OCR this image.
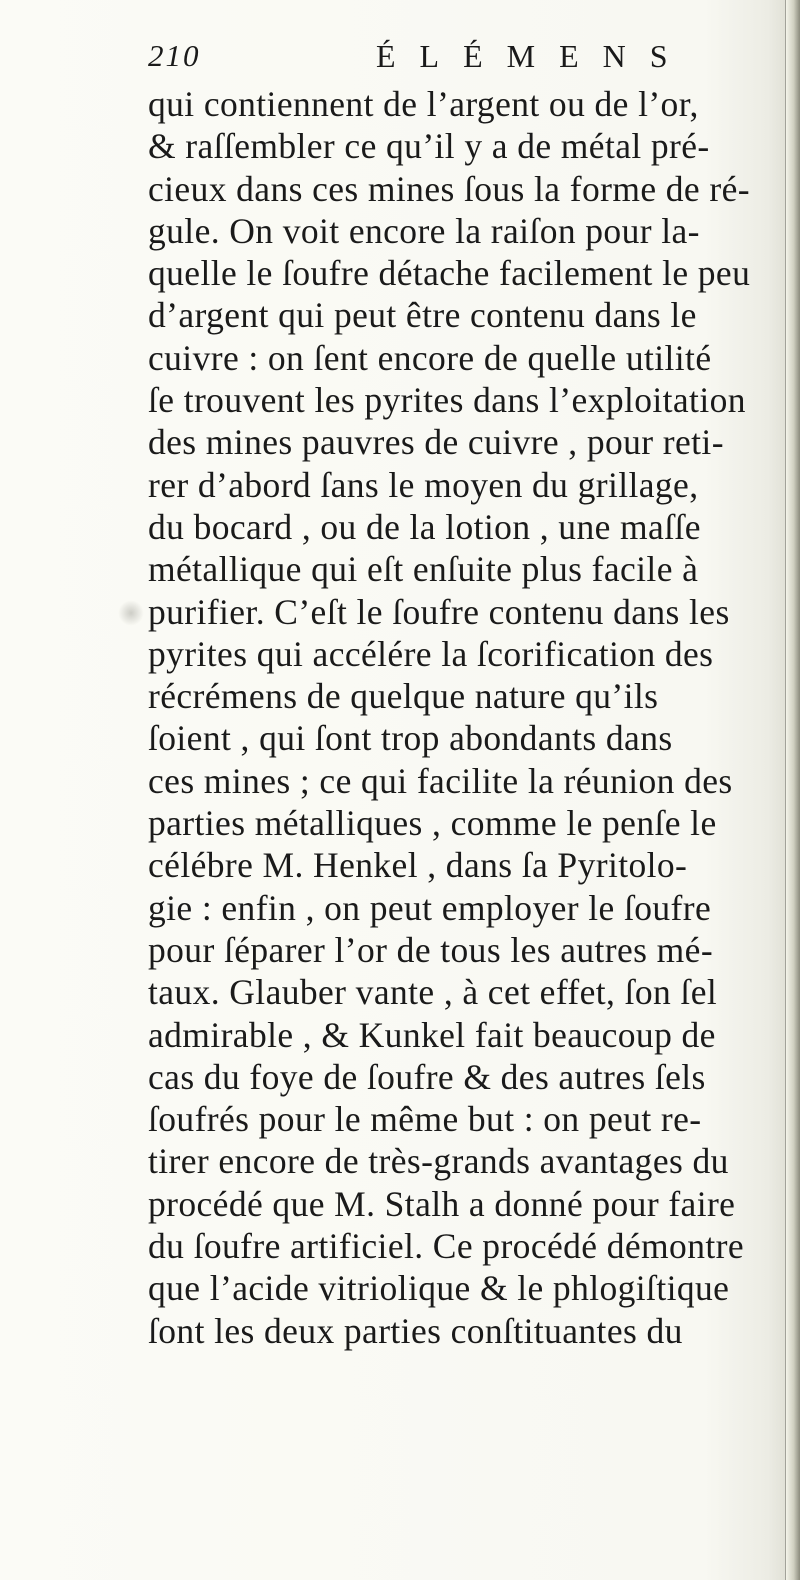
210	ÉLÉMENS
qui contiennent de l’argent ou de l’or,
& raſſembler ce qu’il y a de métal pré-
cieux dans ces mines ſous la forme de ré-
gule. On voit encore la raiſon pour la-
quelle le ſoufre détache facilement le peu
d’argent qui peut être contenu dans le
cuivre : on ſent encore de quelle utilité
ſe trouvent les pyrites dans l’exploitation
des mines pauvres de cuivre , pour reti-
rer d’abord ſans le moyen du grillage,
du bocard , ou de la lotion , une maſſe
métallique qui eſt enſuite plus facile à
purifier. C’eſt le ſoufre contenu dans les
pyrites qui accélére la ſcorification des
récrémens de quelque nature qu’ils
ſoient , qui ſont trop abondants dans
ces mines ; ce qui facilite la réunion des
parties métalliques , comme le penſe le
célébre M. Henkel , dans ſa Pyritolo-
gie : enfin , on peut employer le ſoufre
pour ſéparer l’or de tous les autres mé-
taux. Glauber vante , à cet effet, ſon ſel
admirable , & Kunkel fait beaucoup de
cas du foye de ſoufre & des autres ſels
ſoufrés pour le même but : on peut re-
tirer encore de très-grands avantages du
procédé que M. Stalh a donné pour faire
du ſoufre artificiel. Ce procédé démontre
que l’acide vitriolique & le phlogiſtique
ſont les deux parties conſtituantes du
